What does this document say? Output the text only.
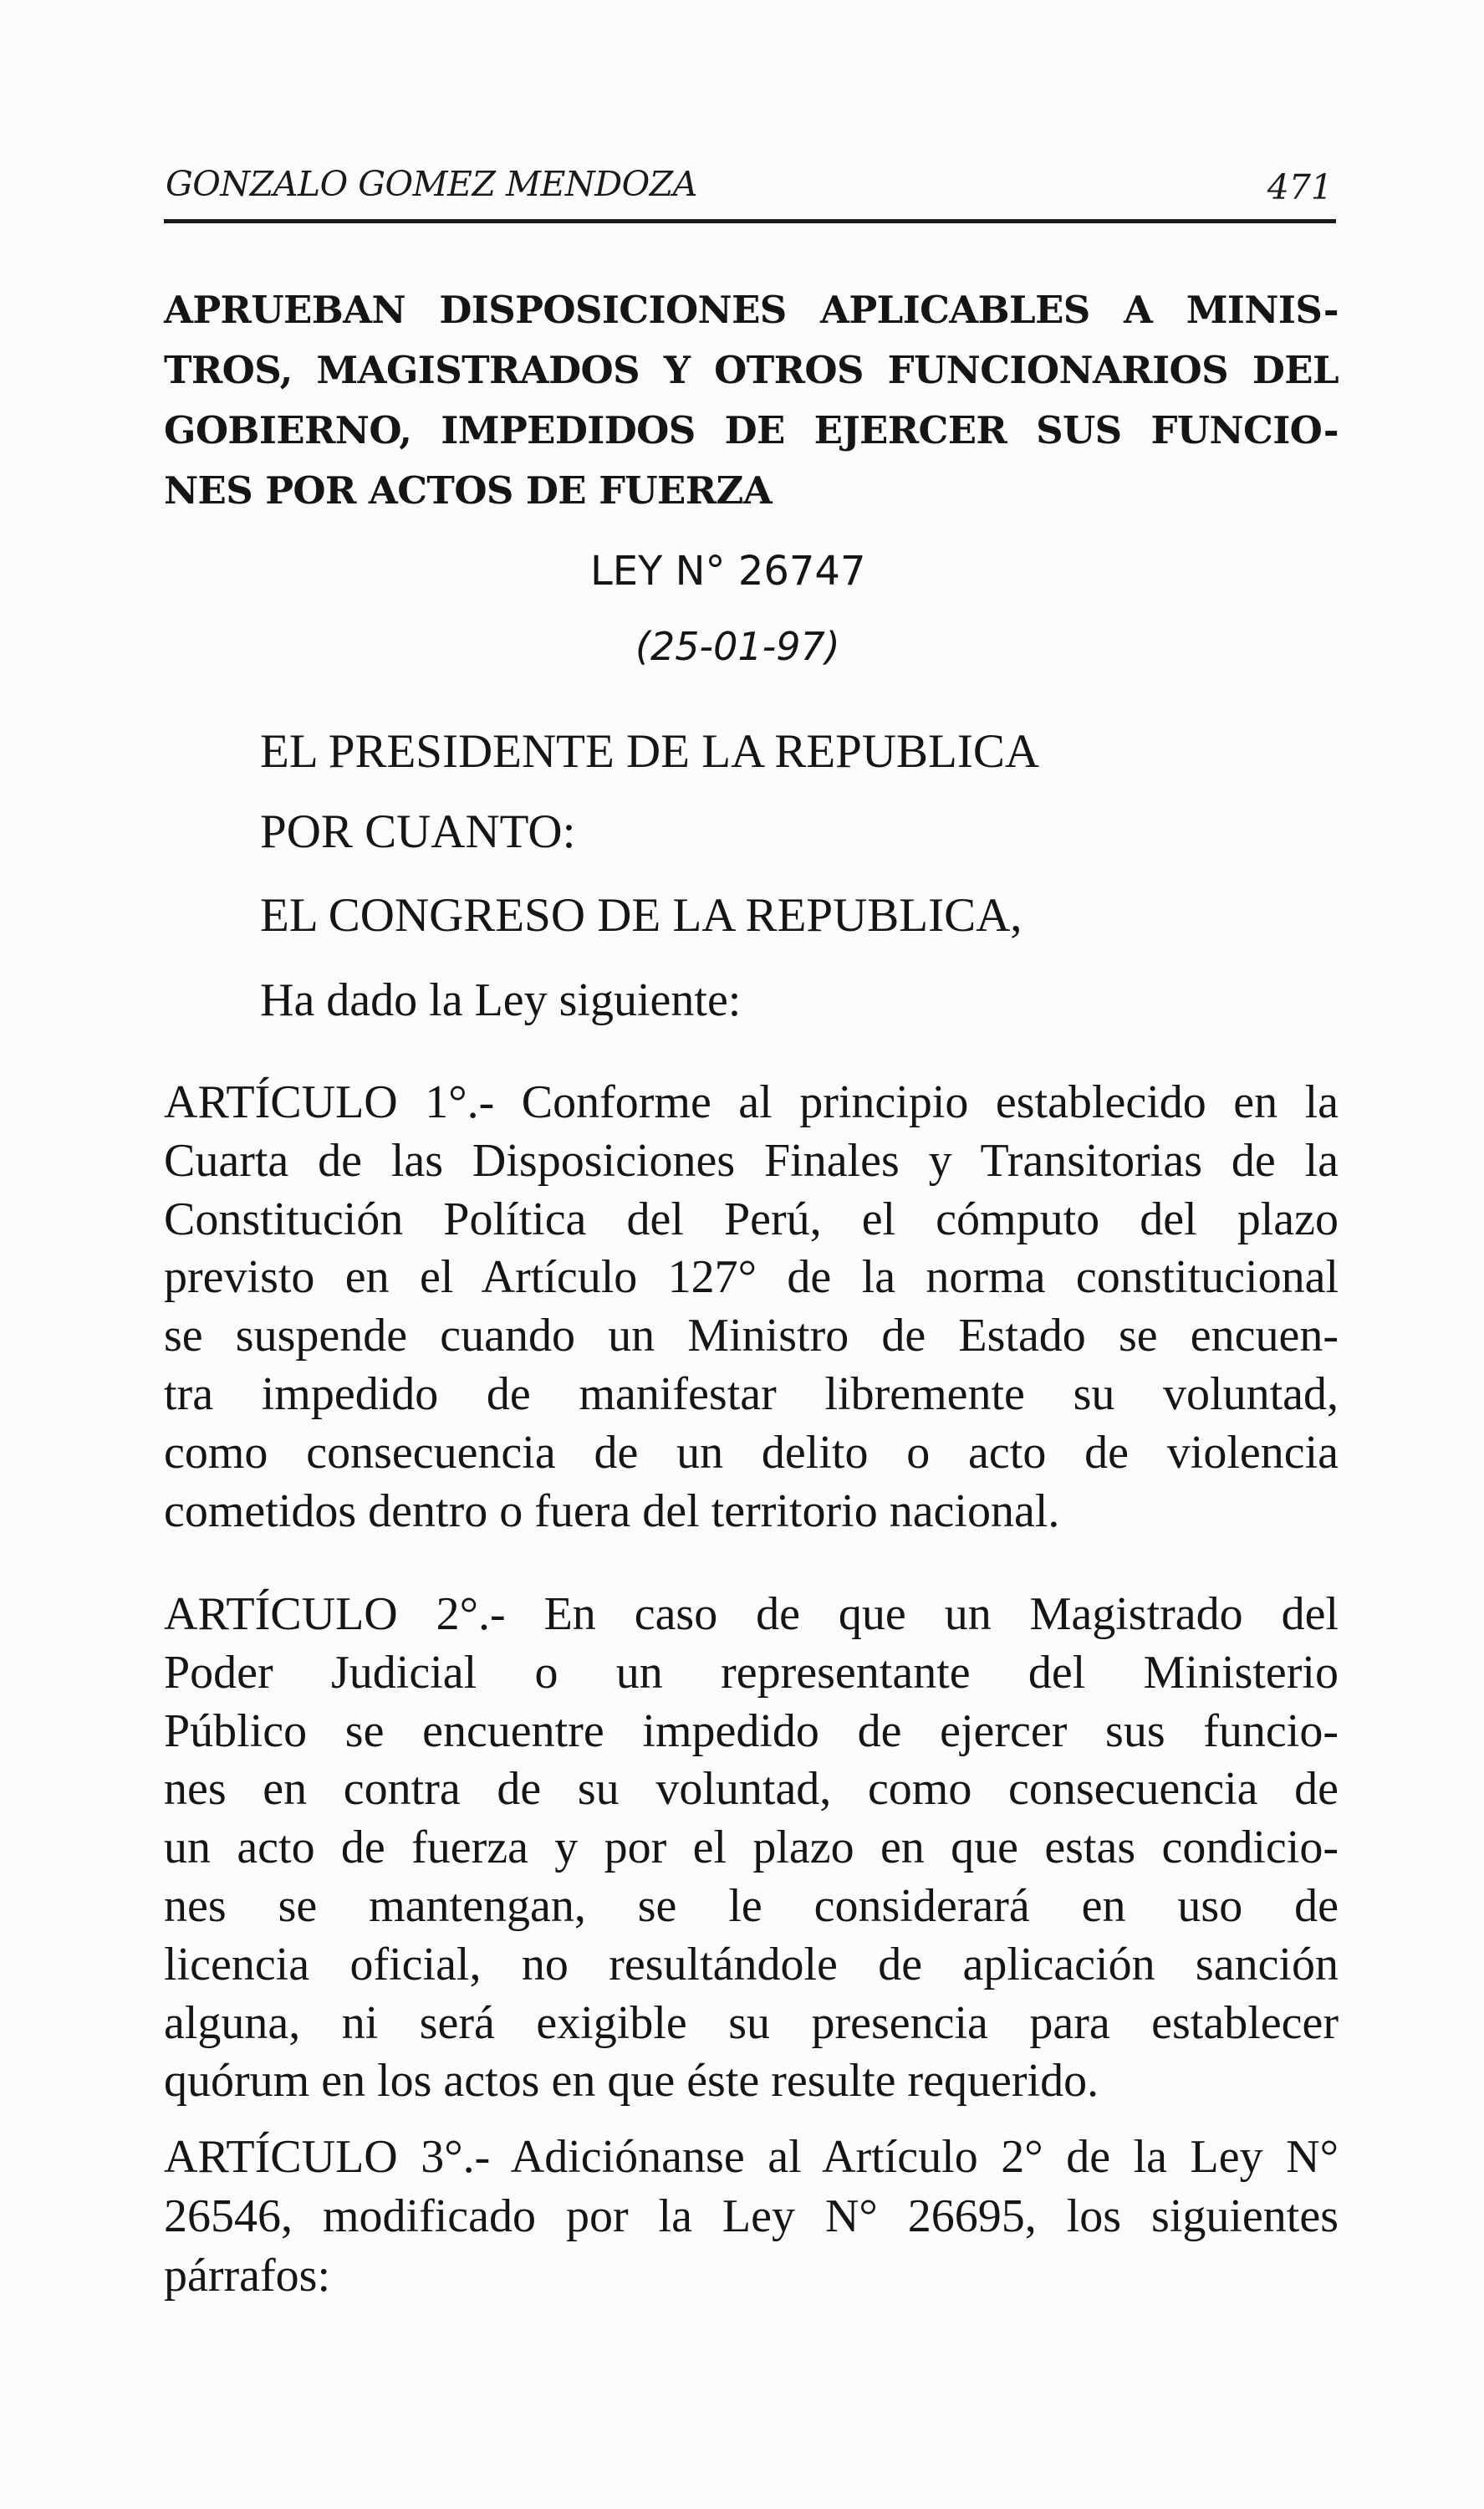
GONZALO GOMEZ MENDOZA	471
APRUEBAN DISPOSICIONES APLICABLES A MINIS-
TROS, MAGISTRADOS Y OTROS FUNCIONARIOS DEL
GOBIERNO, IMPEDIDOS DE EJERCER SUS FUNCIO-
NES POR ACTOS DE FUERZA
LEY N° 26747
(25-01-97)
EL PRESIDENTE DE LA REPUBLICA
POR CUANTO:
EL CONGRESO DE LA REPUBLICA,
Ha dado la Ley siguiente:
ARTÍCULO 1°.- Conforme al principio establecido en la
Cuarta de las Disposiciones Finales y Transitorias de la
Constitución Política del Perú, el cómputo del plazo
previsto en el Artículo 127° de la norma constitucional
se suspende cuando un Ministro de Estado se encuen-
tra impedido de manifestar libremente su voluntad,
como consecuencia de un delito o acto de violencia
cometidos dentro o fuera del territorio nacional.
ARTÍCULO 2°.- En caso de que un Magistrado del
Poder Judicial o un representante del Ministerio
Público se encuentre impedido de ejercer sus funcio-
nes en contra de su voluntad, como consecuencia de
un acto de fuerza y por el plazo en que estas condicio-
nes se mantengan, se le considerará en uso de
licencia oficial, no resultándole de aplicación sanción
alguna, ni será exigible su presencia para establecer
quórum en los actos en que éste resulte requerido.
ARTÍCULO 3°.- Adiciónanse al Artículo 2° de la Ley N°
26546, modificado por la Ley N° 26695, los siguientes
párrafos:
